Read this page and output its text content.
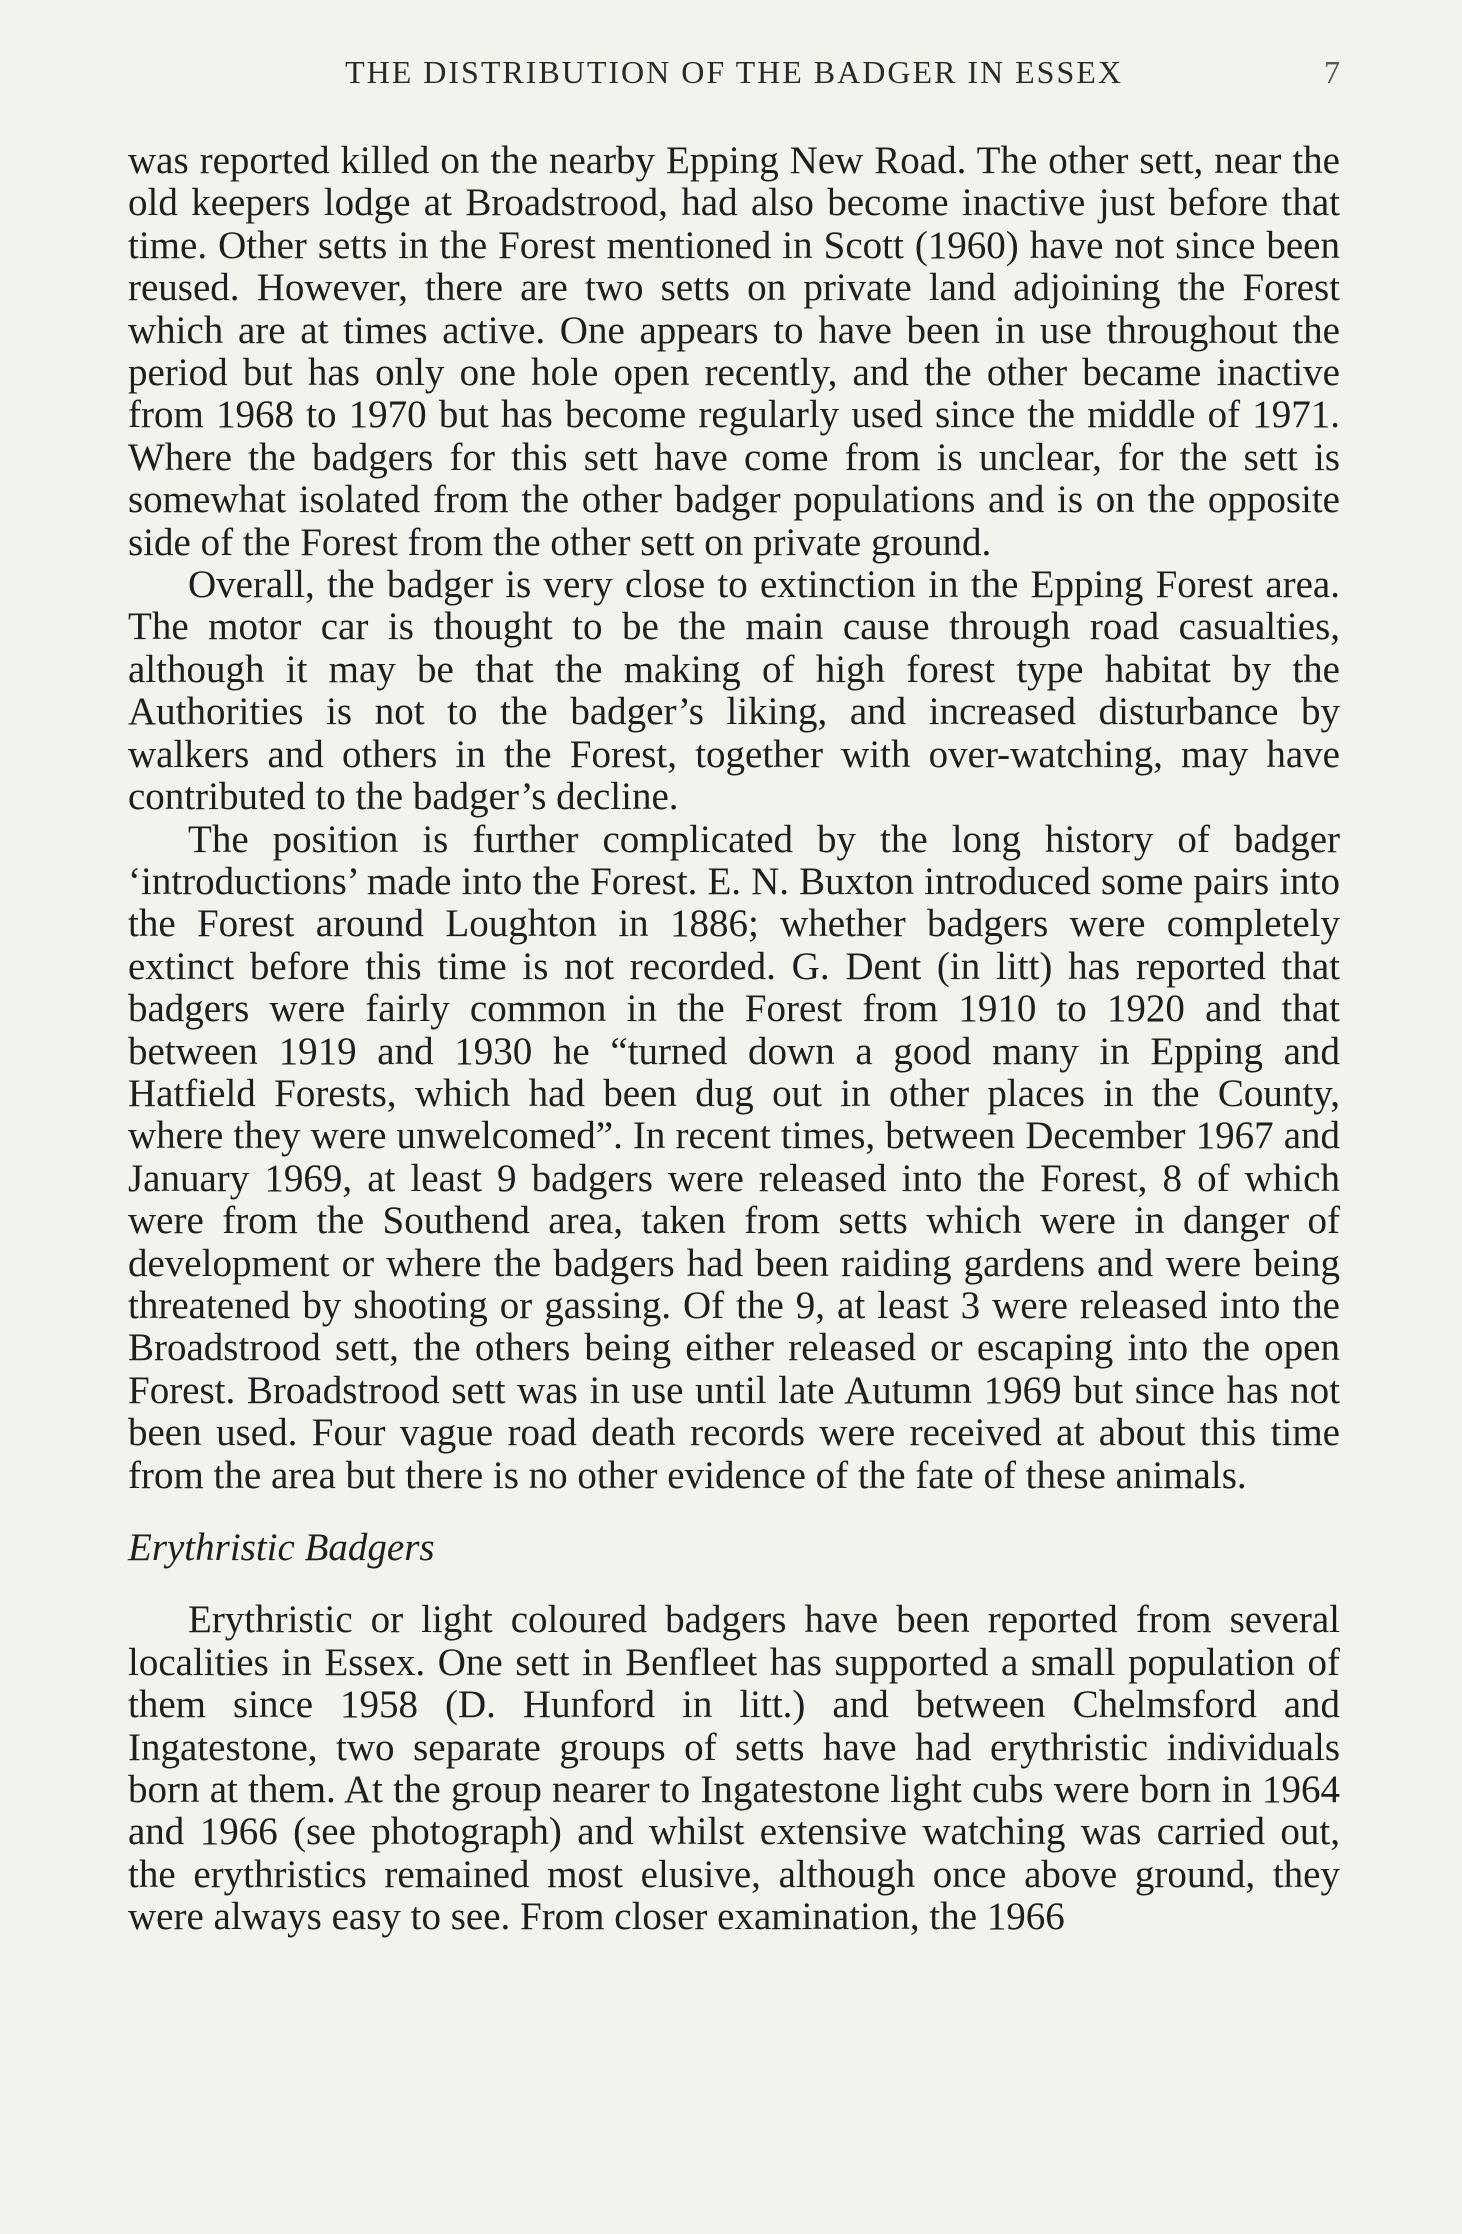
THE DISTRIBUTION OF THE BADGER IN ESSEX	7

was reported killed on the nearby Epping New Road. The other sett, near the old keepers lodge at Broadstrood, had also become inactive just before that time. Other setts in the Forest mentioned in Scott (1960) have not since been reused. However, there are two setts on private land adjoining the Forest which are at times active. One appears to have been in use throughout the period but has only one hole open recently, and the other became inactive from 1968 to 1970 but has become regularly used since the middle of 1971. Where the badgers for this sett have come from is unclear, for the sett is somewhat isolated from the other badger populations and is on the opposite side of the Forest from the other sett on private ground.

Overall, the badger is very close to extinction in the Epping Forest area. The motor car is thought to be the main cause through road casualties, although it may be that the making of high forest type habitat by the Authorities is not to the badger’s liking, and increased disturbance by walkers and others in the Forest, together with over-watching, may have contributed to the badger’s decline.

The position is further complicated by the long history of badger ‘introductions’ made into the Forest. E. N. Buxton introduced some pairs into the Forest around Loughton in 1886; whether badgers were completely extinct before this time is not recorded. G. Dent (in litt) has reported that badgers were fairly common in the Forest from 1910 to 1920 and that between 1919 and 1930 he “turned down a good many in Epping and Hatfield Forests, which had been dug out in other places in the County, where they were unwelcomed”. In recent times, between December 1967 and January 1969, at least 9 badgers were released into the Forest, 8 of which were from the Southend area, taken from setts which were in danger of development or where the badgers had been raiding gardens and were being threatened by shooting or gassing. Of the 9, at least 3 were released into the Broadstrood sett, the others being either released or escaping into the open Forest. Broadstrood sett was in use until late Autumn 1969 but since has not been used. Four vague road death records were received at about this time from the area but there is no other evidence of the fate of these animals.

Erythristic Badgers

Erythristic or light coloured badgers have been reported from several localities in Essex. One sett in Benfleet has supported a small population of them since 1958 (D. Hunford in litt.) and between Chelmsford and Ingatestone, two separate groups of setts have had erythristic individuals born at them. At the group nearer to Ingatestone light cubs were born in 1964 and 1966 (see photograph) and whilst extensive watching was carried out, the erythristics remained most elusive, although once above ground, they were always easy to see. From closer examination, the 1966
